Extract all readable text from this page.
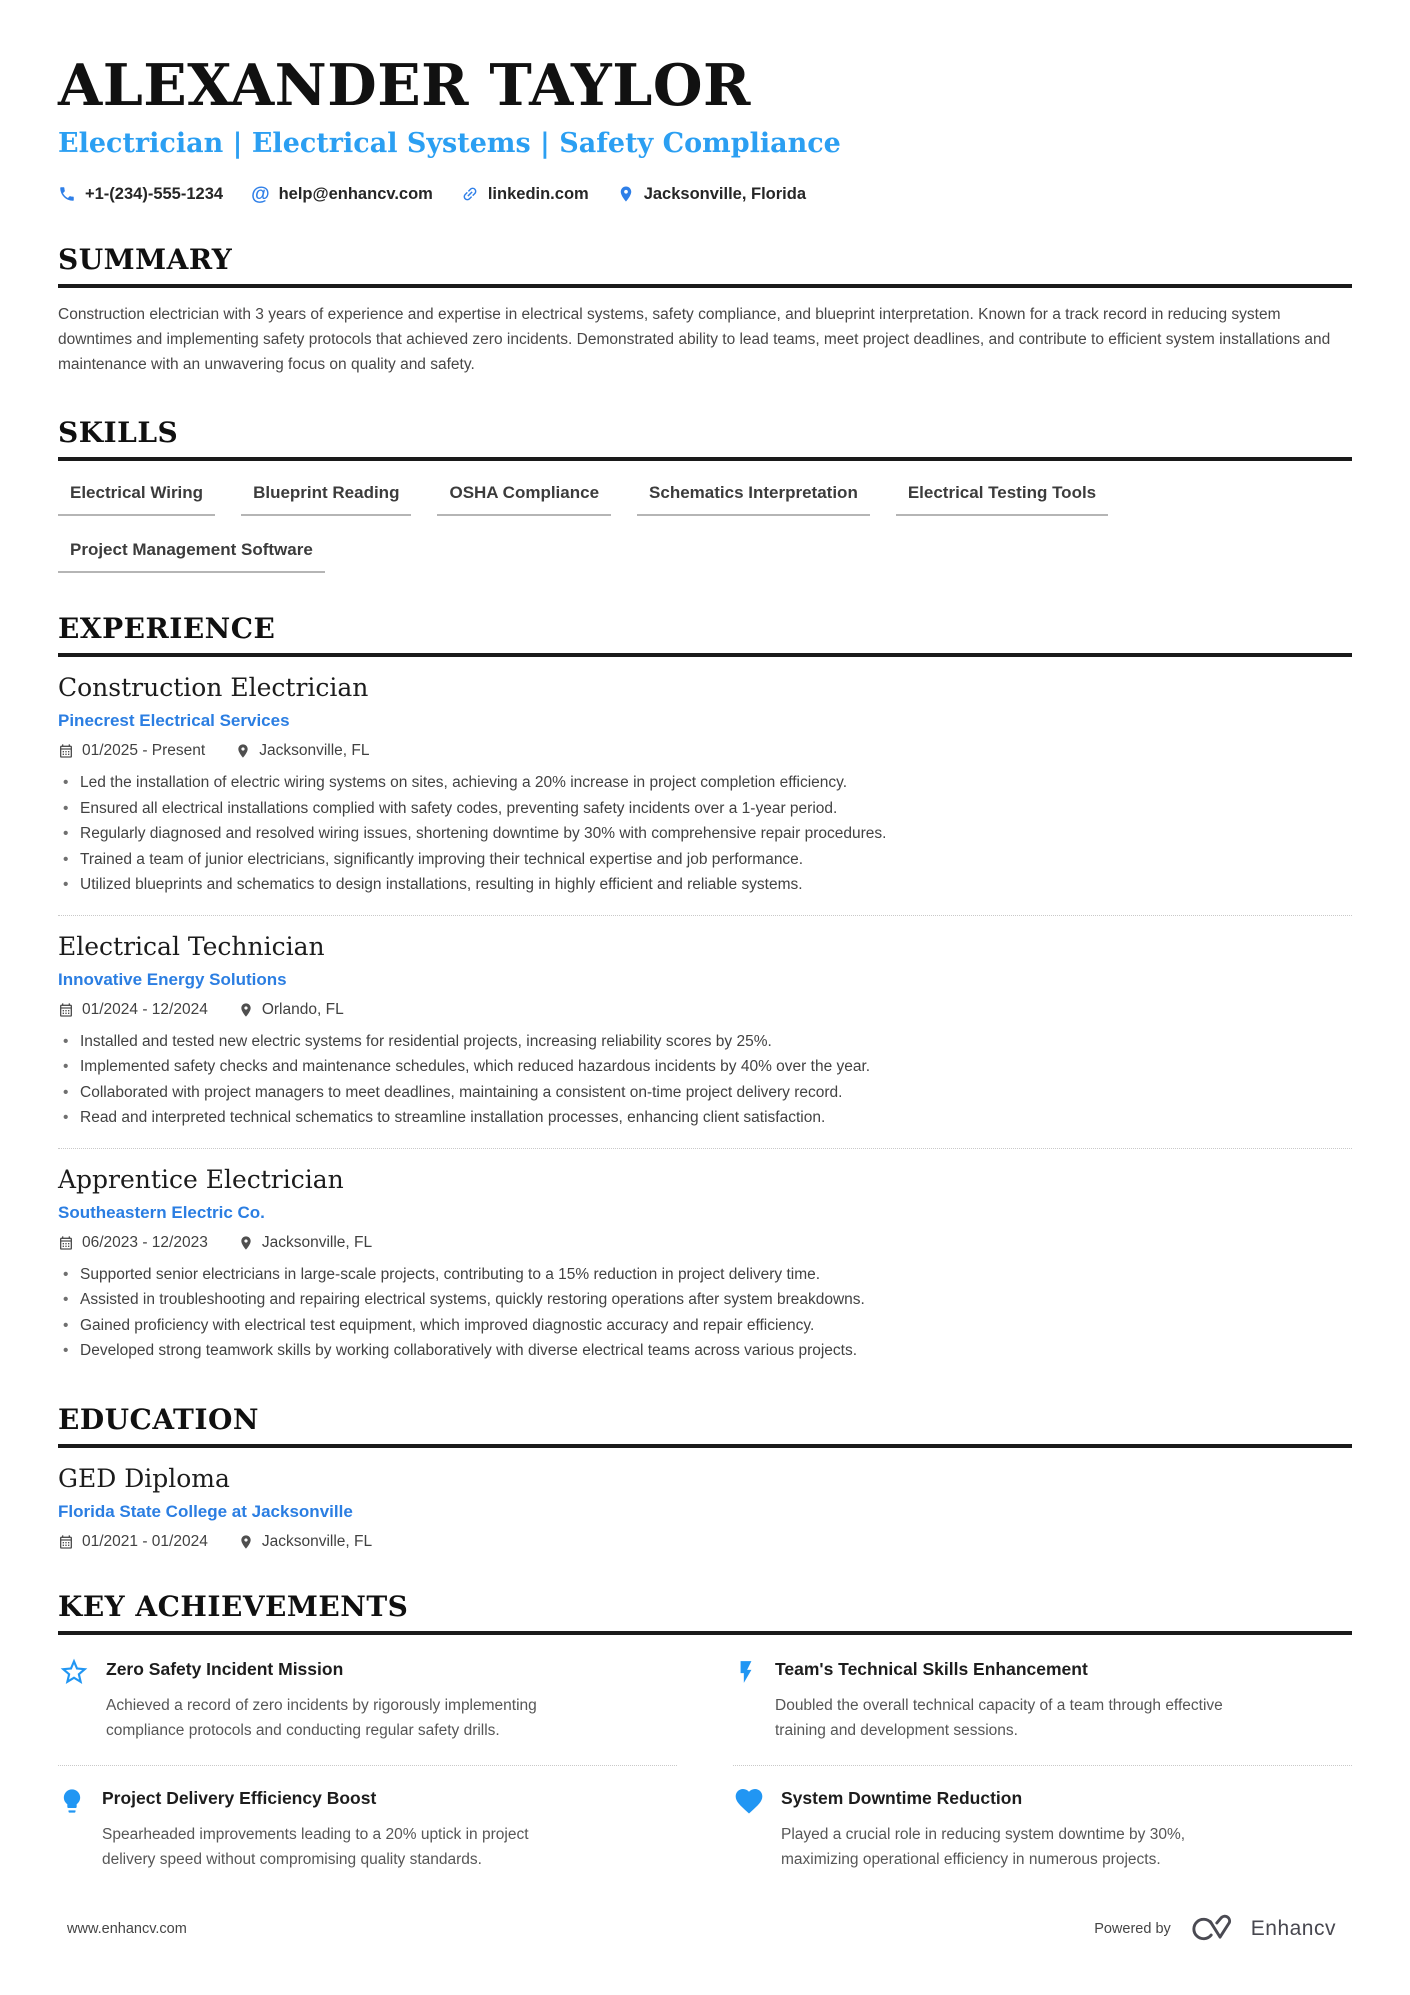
ALEXANDER TAYLOR
Electrician | Electrical Systems | Safety Compliance
+1-(234)-555-1234 @ help@enhancv.com	linkedin.com	Jacksonville, Florida
SUMMARY
Construction electrician with 3 years of experience and expertise in electrical systems, safety compliance, and blueprint interpretation. Known for a track record in reducing system downtimes and implementing safety protocols that achieved zero incidents. Demonstrated ability to lead teams, meet project deadlines, and contribute to efficient system installations and maintenance with an unwavering focus on quality and safety.
SKILLS
Electrical Wiring	Blueprint Reading	OSHA Compliance	Schematics Interpretation	Electrical Testing Tools
Project Management Software
EXPERIENCE
Construction Electrician
Pinecrest Electrical Services
01/2025 - Present	Jacksonville, FL
• Led the installation of electric wiring systems on sites, achieving a 20% increase in project completion efficiency.
• Ensured all electrical installations complied with safety codes, preventing safety incidents over a 1-year period.
• Regularly diagnosed and resolved wiring issues, shortening downtime by 30% with comprehensive repair procedures.
• Trained a team of junior electricians, significantly improving their technical expertise and job performance.
• Utilized blueprints and schematics to design installations, resulting in highly efficient and reliable systems.
Electrical Technician
Innovative Energy Solutions
01/2024 - 12/2024	Orlando, FL
• Installed and tested new electric systems for residential projects, increasing reliability scores by 25%.
• Implemented safety checks and maintenance schedules, which reduced hazardous incidents by 40% over the year.
• Collaborated with project managers to meet deadlines, maintaining a consistent on-time project delivery record.
• Read and interpreted technical schematics to streamline installation processes, enhancing client satisfaction.
Apprentice Electrician
Southeastern Electric Co.
06/2023 - 12/2023	Jacksonville, FL
• Supported senior electricians in large-scale projects, contributing to a 15% reduction in project delivery time.
• Assisted in troubleshooting and repairing electrical systems, quickly restoring operations after system breakdowns.
• Gained proficiency with electrical test equipment, which improved diagnostic accuracy and repair efficiency.
• Developed strong teamwork skills by working collaboratively with diverse electrical teams across various projects.
EDUCATION
GED Diploma
Florida State College at Jacksonville
01/2021 - 01/2024	Jacksonville, FL
KEY ACHIEVEMENTS
Zero Safety Incident Mission
Achieved a record of zero incidents by rigorously implementing compliance protocols and conducting regular safety drills.
Team's Technical Skills Enhancement
Doubled the overall technical capacity of a team through effective training and development sessions.
Project Delivery Efficiency Boost
Spearheaded improvements leading to a 20% uptick in project delivery speed without compromising quality standards.
System Downtime Reduction
Played a crucial role in reducing system downtime by 30%, maximizing operational efficiency in numerous projects.
www.enhancv.com	Powered by	Enhancv
